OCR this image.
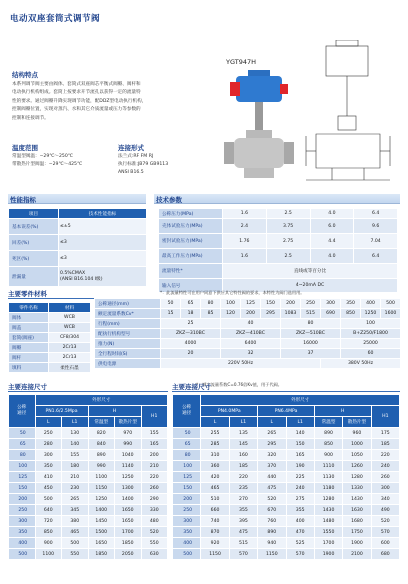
电动双座套筒式调节阀
YGT947H
结构特点
本系列调节阀主要由阀体、套筒式双座阀芯平衡式阀瓣、阀杆和
电动执行机构组成。套筒上按要求开节流孔以获得一定的流量特
性的要求。通过阀瓣升降实现调节功能，配DDZ型电动执行机构，
控制阀瓣位置，实现对蒸汽、水和其它介质流量或压力等参数的
控制和连接调节。
温度范围
常温型阀温：−29℃～250℃
带散热片型阀温：−29℃～425℃
连接形式
法兰式:RF FM RJ
执行标准:JB79 GB9113
ANSI B16.5
性能指标
项目	技术性能指标
基本误差(%)	≤±5
回差(%)	≤3
死区(%)	≤3
泄漏量	0.5%CMAX
(ANSI B16.104 Ⅰ级)
技术参数
公称压力(MPa)	1.6	2.5	4.0	6.4
壳体试验压力(MPa)	2.4	3.75	6.0	9.6
密封试验压力(MPa)	1.76	2.75	4.4	7.04
最高工作压力(MPa)	1.6	2.5	4.0	6.4
流量特性*	直线或等百分比			
输入信号	4~20mA DC			
*：此流量特性可在用户同意下供应其它特性阀的要求，本特性为阀门选用用。
主要零件材料
零件名称	材料
阀体	WCB
阀盖	WCB
套筒(阀座)	CF8/304
阀瓣	2Cr13
阀杆	2Cr13
填料	柔性石墨
公称通径(mm)	50	65	80	100	125	150	200	250	300	350	400	500
额定流量系数Cv*	15	18	85	120	200	295	1083	515	690	850	1250	1600
行程(mm)	25			40			80			100		
配执行机构型号	ZKZ—310BC			ZKZ—410BC			ZKZ—510BC			B+Z250/F1800		
推力(N)	4000			6400			16000			25000		
全行程时间(S)	20			32			37			60		
供电电源	220V 50Hz								380V 50Hz			
*：额定流量系数C=0.76倍Kv值，用于代阀。
主要连接尺寸
公称
通径	外形尺寸				
	PN1.6/2.5Mpa		H		H1
	L	L1	常温型	散热片型	
50	250	130	820	970	155
65	280	140	840	990	165
80	300	155	890	1040	200
100	350	180	990	1140	210
125	410	210	1100	1250	220
150	450	230	1150	1300	260
200	500	265	1250	1400	290
250	640	345	1400	1650	330
300	720	380	1450	1650	480
350	850	465	1500	1700	520
400	900	500	1650	1850	550
500	1100	550	1850	2050	630
主要连接尺寸
公称
通径	外形尺寸						
	PN4.0MPa		PN6.4MPa		H		H1
	L	L1	L	L1	常温型	散热片型	
50	255	135	265	140	890	960	175
65	285	145	295	150	850	1000	185
80	310	160	320	165	900	1050	220
100	360	185	370	190	1110	1260	240
125	420	220	440	225	1130	1280	260
150	465	235	475	240	1180	1330	300
200	510	270	520	275	1280	1430	340
250	660	355	670	355	1430	1630	490
300	740	395	760	400	1480	1680	520
350	870	475	890	470	1550	1750	570
400	920	515	940	525	1700	1900	600
500	1150	570	1150	570	1900	2100	680
